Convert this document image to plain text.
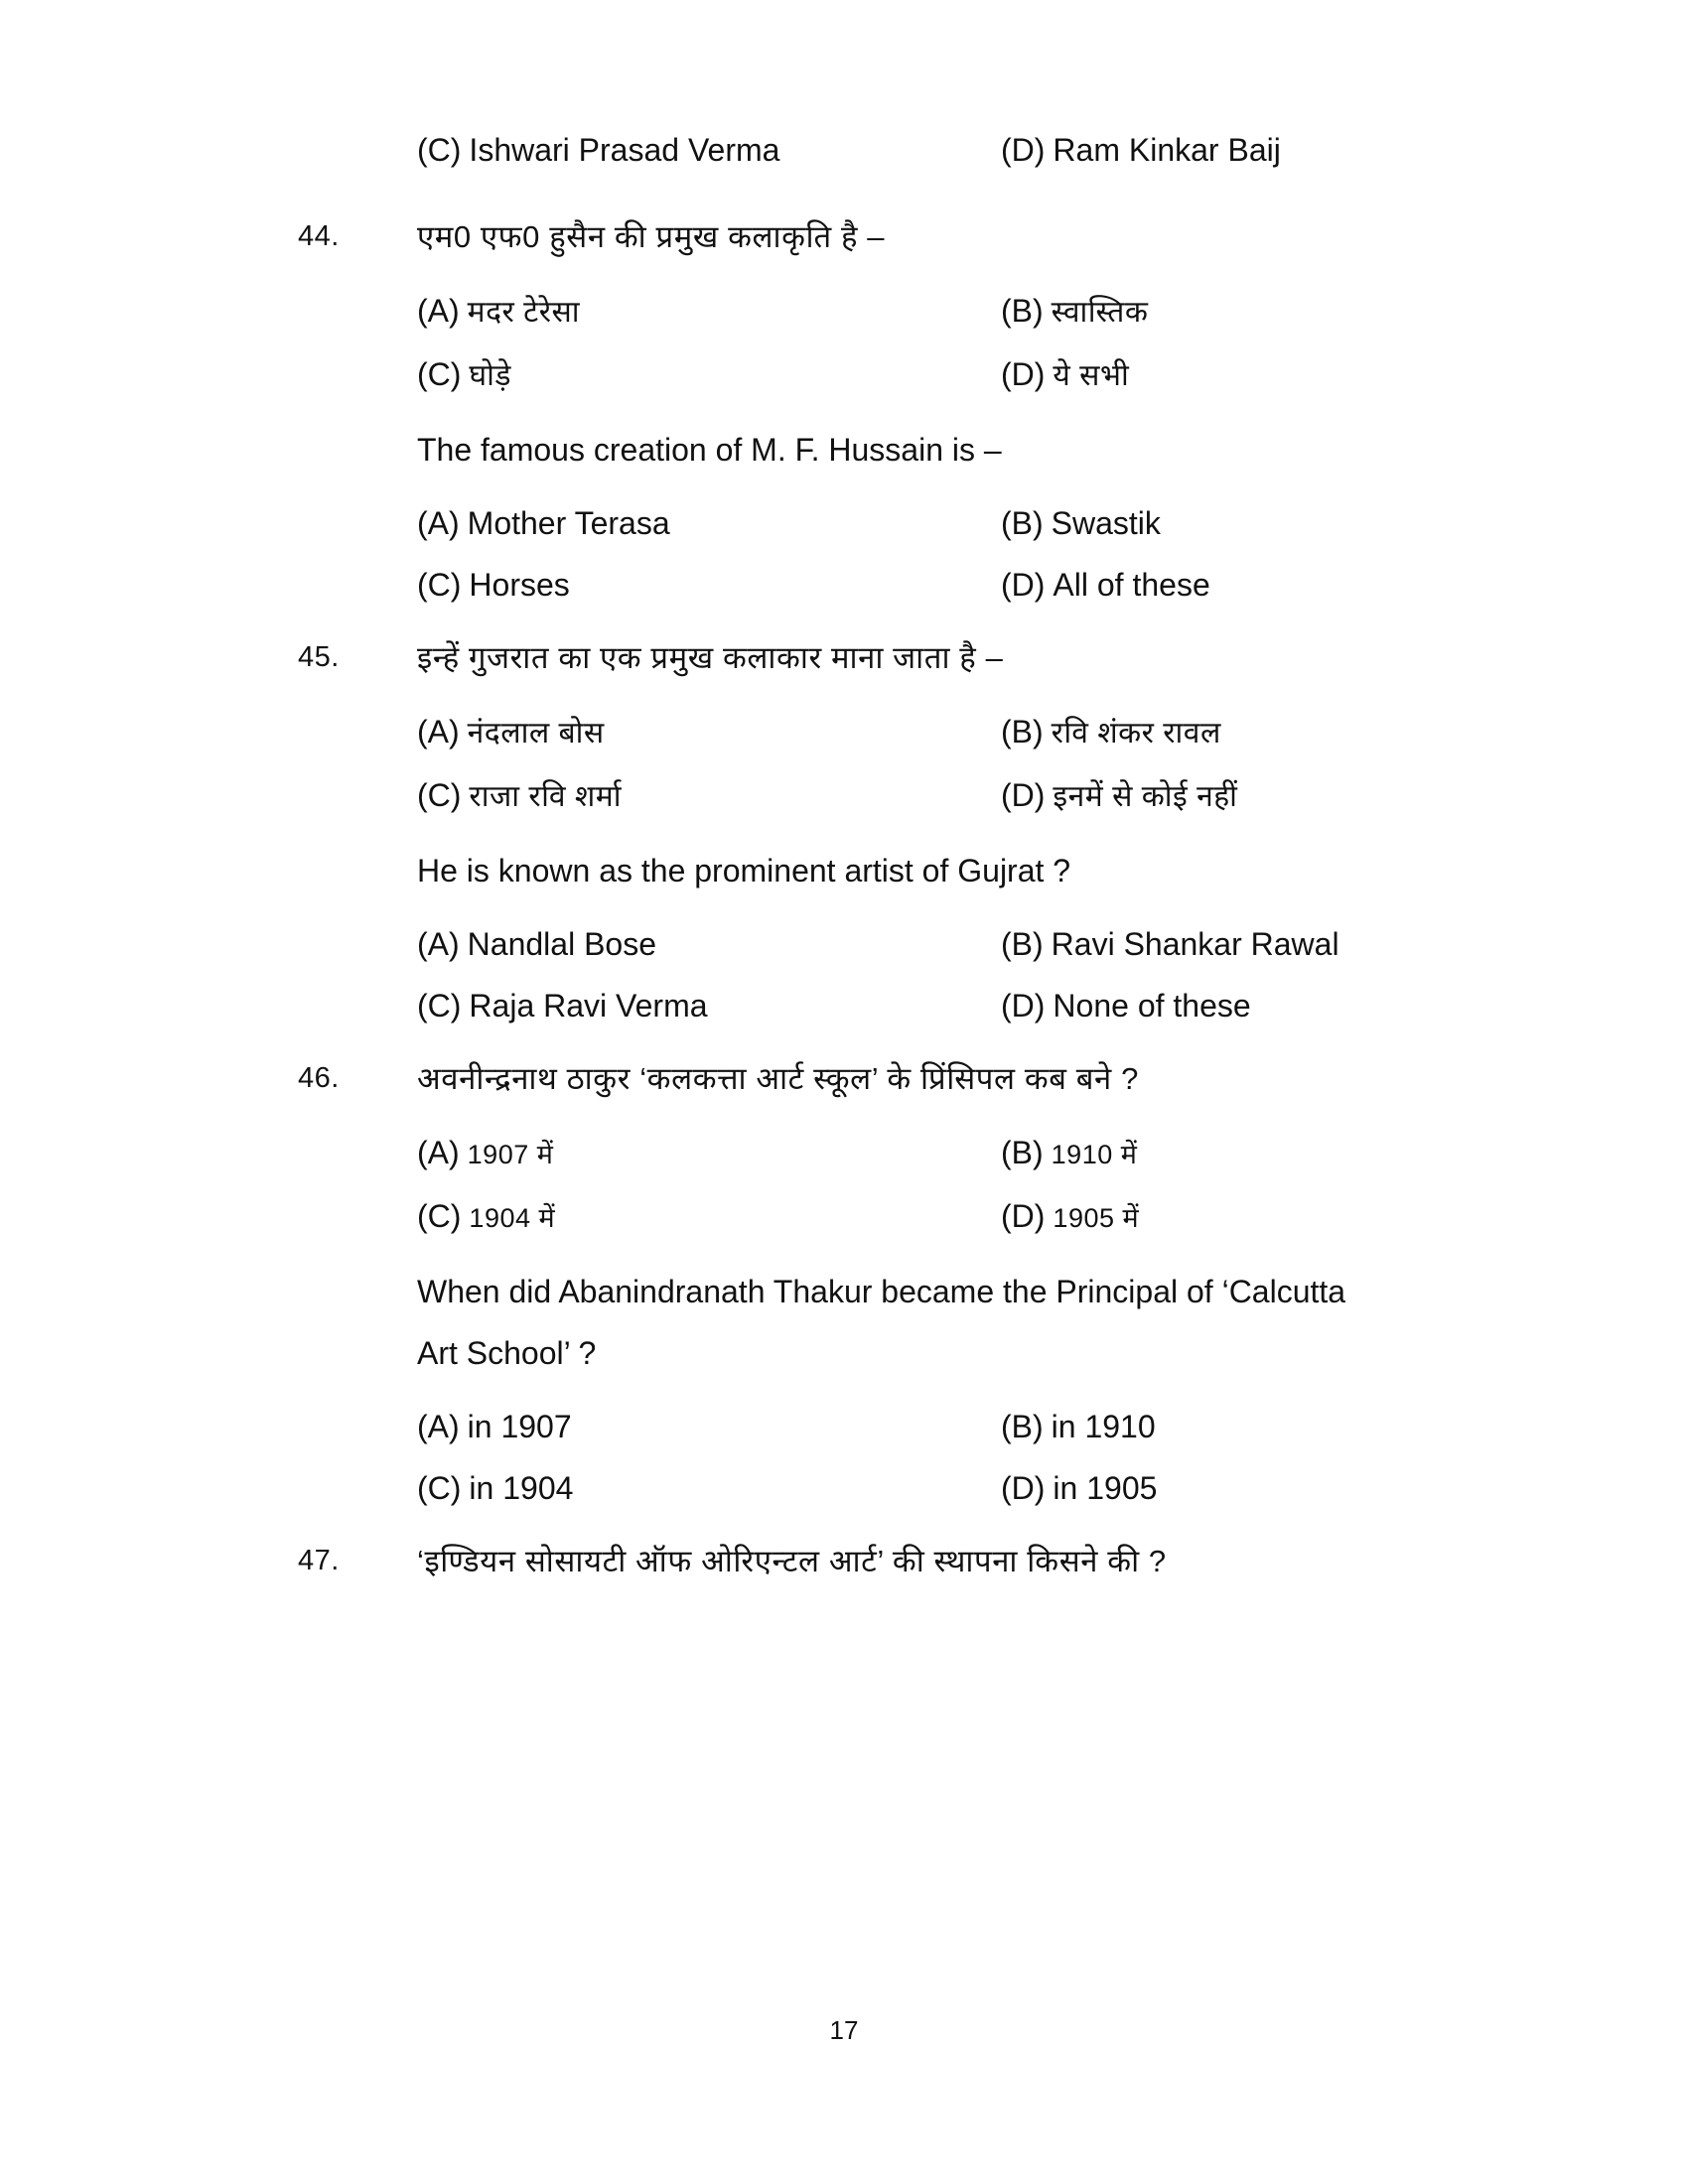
(C) Ishwari Prasad Verma	(D) Ram Kinkar Baij
44.	एम0 एफ0 हुसैन की प्रमुख कलाकृति है –
(A) मदर टेरेसा	(B) स्वास्तिक
(C) घोड़े	(D) ये सभी
The famous creation of M. F. Hussain is –
(A) Mother Terasa	(B) Swastik
(C) Horses	(D) All of these
45.	इन्हें गुजरात का एक प्रमुख कलाकार माना जाता है –
(A) नंदलाल बोस	(B) रवि शंकर रावल
(C) राजा रवि शर्मा	(D) इनमें से कोई नहीं
He is known as the prominent artist of Gujrat ?
(A) Nandlal Bose	(B) Ravi Shankar Rawal
(C) Raja Ravi Verma	(D) None of these
46.	अवनीन्द्रनाथ ठाकुर ‘कलकत्ता आर्ट स्कूल’ के प्रिंसिपल कब बने ?
(A) 1907 में	(B) 1910 में
(C) 1904 में	(D) 1905 में
When did Abanindranath Thakur became the Principal of ‘Calcutta
Art School’ ?
(A) in 1907	(B) in 1910
(C) in 1904	(D) in 1905
47.	‘इण्डियन सोसायटी ऑफ ओरिएन्टल आर्ट’ की स्थापना किसने की ?
17
